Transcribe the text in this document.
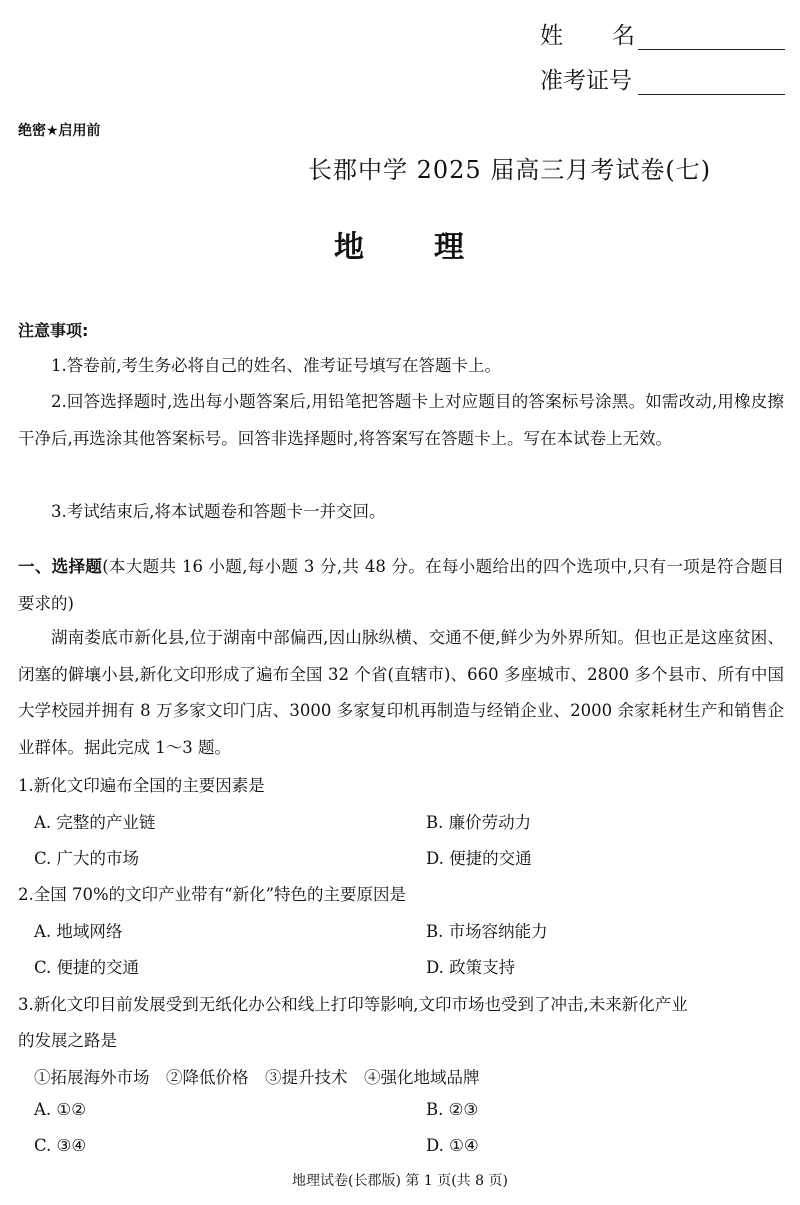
姓　　名
准考证号
绝密★启用前
长郡中学 2025 届高三月考试卷(七)
地 理
注意事项:
1.答卷前,考生务必将自己的姓名、准考证号填写在答题卡上。
2.回答选择题时,选出每小题答案后,用铅笔把答题卡上对应题目的答案标号涂黑。如需改动,用橡皮擦干净后,再选涂其他答案标号。回答非选择题时,将答案写在答题卡上。写在本试卷上无效。
3.考试结束后,将本试题卷和答题卡一并交回。
一、选择题(本大题共 16 小题,每小题 3 分,共 48 分。在每小题给出的四个选项中,只有一项是符合题目要求的)
湖南娄底市新化县,位于湖南中部偏西,因山脉纵横、交通不便,鲜少为外界所知。但也正是这座贫困、闭塞的僻壤小县,新化文印形成了遍布全国 32 个省(直辖市)、660 多座城市、2800 多个县市、所有中国大学校园并拥有 8 万多家文印门店、3000 多家复印机再制造与经销企业、2000 余家耗材生产和销售企业群体。据此完成 1～3 题。
1.新化文印遍布全国的主要因素是
A. 完整的产业链	B. 廉价劳动力
C. 广大的市场	D. 便捷的交通
2.全国 70%的文印产业带有“新化”特色的主要原因是
A. 地域网络	B. 市场容纳能力
C. 便捷的交通	D. 政策支持
3.新化文印目前发展受到无纸化办公和线上打印等影响,文印市场也受到了冲击,未来新化产业
的发展之路是
①拓展海外市场　②降低价格　③提升技术　④强化地域品牌
A. ①②	B. ②③
C. ③④	D. ①④
地理试卷(长郡版) 第 1 页(共 8 页)
